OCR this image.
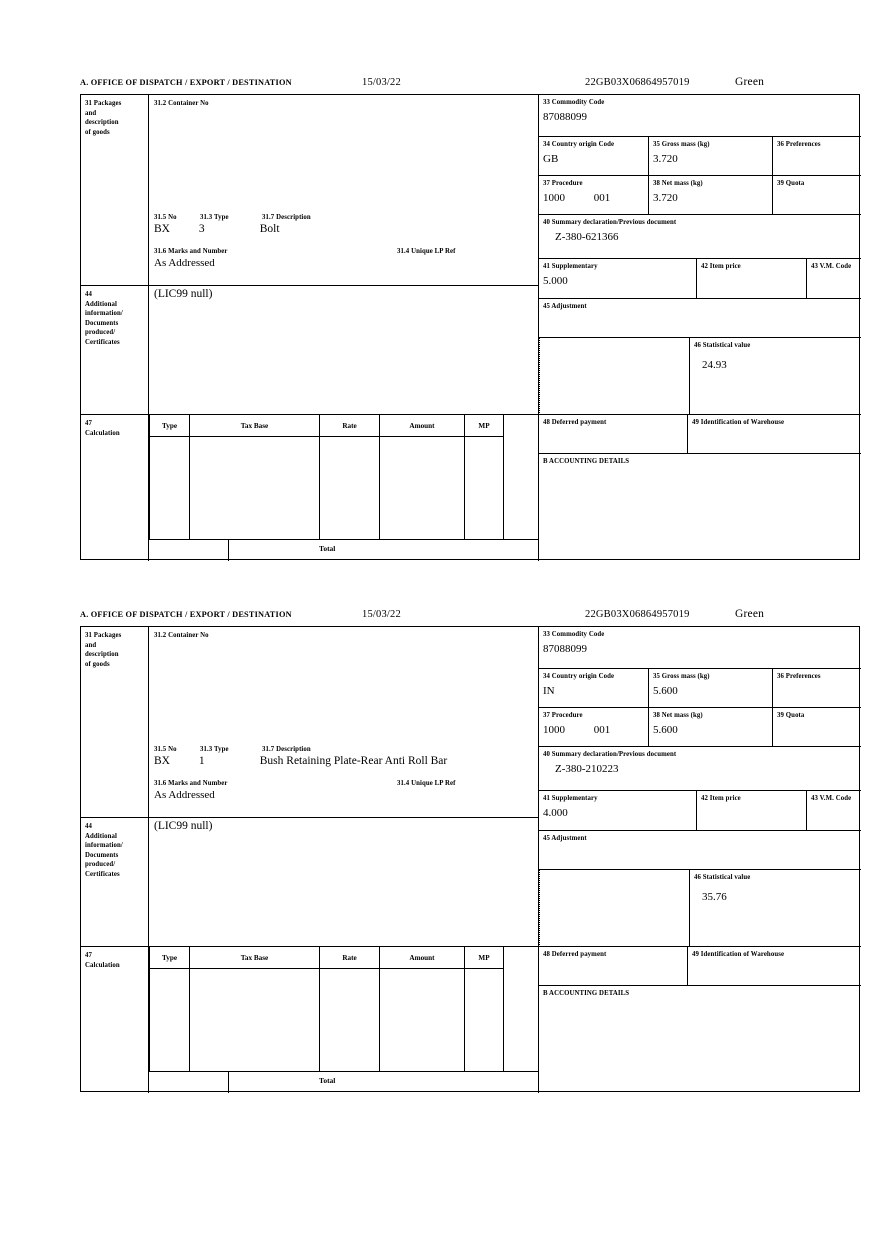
A. OFFICE OF DISPATCH / EXPORT / DESTINATION	15/03/22	22GB03X06864957019	Green
31 Packages
and
description
of goods
31.2 Container No
31.5 No	31.3 Type	31.7 Description
BX	3	Bolt
31.6 Marks and Number	31.4 Unique LP Ref
As Addressed
44
Additional
information/
Documents
produced/
Certificates
(LIC99 null)
33 Commodity Code
87088099
34 Country origin Code
GB
35 Gross mass (kg)
3.720
36 Preferences
37 Procedure
1000	001
38 Net mass (kg)
3.720
39 Quota
40 Summary declaration/Previous document
Z-380-621366
41 Supplementary
5.000
42 Item price	43 V.M. Code
45 Adjustment
46 Statistical value
24.93
47
Calculation
Type	Tax Base	Rate	Amount	MP
Total
48 Deferred payment	49 Identification of Warehouse
B ACCOUNTING DETAILS
A. OFFICE OF DISPATCH / EXPORT / DESTINATION	15/03/22	22GB03X06864957019	Green
31 Packages
and
description
of goods
31.2 Container No
31.5 No	31.3 Type	31.7 Description
BX	1	Bush Retaining Plate-Rear Anti Roll Bar
31.6 Marks and Number	31.4 Unique LP Ref
As Addressed
44
Additional
information/
Documents
produced/
Certificates
(LIC99 null)
33 Commodity Code
87088099
34 Country origin Code
IN
35 Gross mass (kg)
5.600
36 Preferences
37 Procedure
1000	001
38 Net mass (kg)
5.600
39 Quota
40 Summary declaration/Previous document
Z-380-210223
41 Supplementary
4.000
42 Item price	43 V.M. Code
45 Adjustment
46 Statistical value
35.76
47
Calculation
Type	Tax Base	Rate	Amount	MP
Total
48 Deferred payment	49 Identification of Warehouse
B ACCOUNTING DETAILS
